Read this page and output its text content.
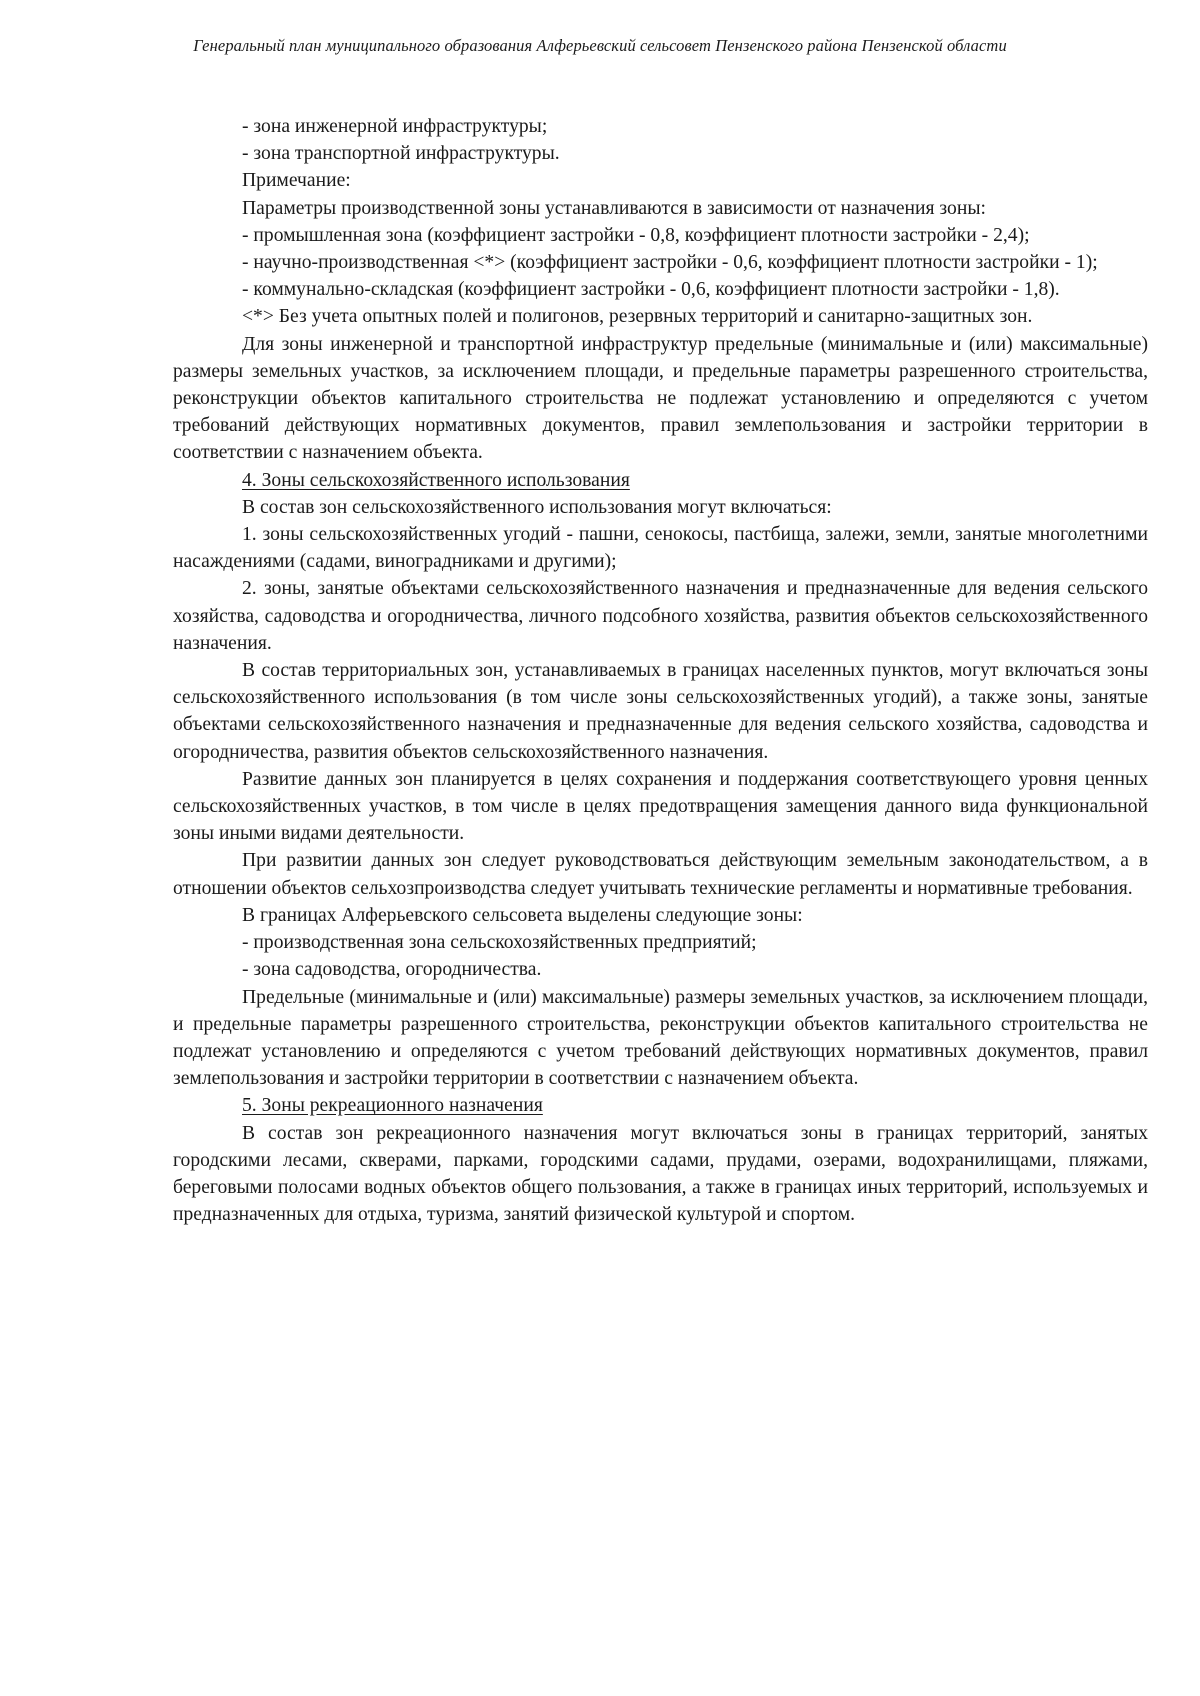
Генеральный план муниципального образования Алферьевский сельсовет Пензенского района Пензенской области

- зона инженерной инфраструктуры;

- зона транспортной инфраструктуры.

Примечание:

Параметры производственной зоны устанавливаются в зависимости от назначения зоны:

- промышленная зона (коэффициент застройки - 0,8, коэффициент плотности застройки - 2,4);

- научно-производственная <*> (коэффициент застройки - 0,6, коэффициент плотности застройки - 1);

- коммунально-складская (коэффициент застройки - 0,6, коэффициент плотности застройки - 1,8).

<*> Без учета опытных полей и полигонов, резервных территорий и санитарно-защитных зон.

Для зоны инженерной и транспортной инфраструктур предельные (минимальные и (или) максимальные) размеры земельных участков, за исключением площади, и предельные параметры разрешенного строительства, реконструкции объектов капитального строительства не подлежат установлению и определяются с учетом требований действующих нормативных документов, правил землепользования и застройки территории в соответствии с назначением объекта.

4. Зоны сельскохозяйственного использования

В состав зон сельскохозяйственного использования могут включаться:

1. зоны сельскохозяйственных угодий - пашни, сенокосы, пастбища, залежи, земли, занятые многолетними насаждениями (садами, виноградниками и другими);

2. зоны, занятые объектами сельскохозяйственного назначения и предназначенные для ведения сельского хозяйства, садоводства и огородничества, личного подсобного хозяйства, развития объектов сельскохозяйственного назначения.

В состав территориальных зон, устанавливаемых в границах населенных пунктов, могут включаться зоны сельскохозяйственного использования (в том числе зоны сельскохозяйственных угодий), а также зоны, занятые объектами сельскохозяйственного назначения и предназначенные для ведения сельского хозяйства, садоводства и огородничества, развития объектов сельскохозяйственного назначения.

Развитие данных зон планируется в целях сохранения и поддержания соответствующего уровня ценных сельскохозяйственных участков, в том числе в целях предотвращения замещения данного вида функциональной зоны иными видами деятельности.

При развитии данных зон следует руководствоваться действующим земельным законодательством, а в отношении объектов сельхозпроизводства следует учитывать технические регламенты и нормативные требования.

В границах Алферьевского сельсовета выделены следующие зоны:

- производственная зона сельскохозяйственных предприятий;

- зона садоводства, огородничества.

Предельные (минимальные и (или) максимальные) размеры земельных участков, за исключением площади, и предельные параметры разрешенного строительства, реконструкции объектов капитального строительства не подлежат установлению и определяются с учетом требований действующих нормативных документов, правил землепользования и застройки территории в соответствии с назначением объекта.

5. Зоны рекреационного назначения

В состав зон рекреационного назначения могут включаться зоны в границах территорий, занятых городскими лесами, скверами, парками, городскими садами, прудами, озерами, водохранилищами, пляжами, береговыми полосами водных объектов общего пользования, а также в границах иных территорий, используемых и предназначенных для отдыха, туризма, занятий физической культурой и спортом.
